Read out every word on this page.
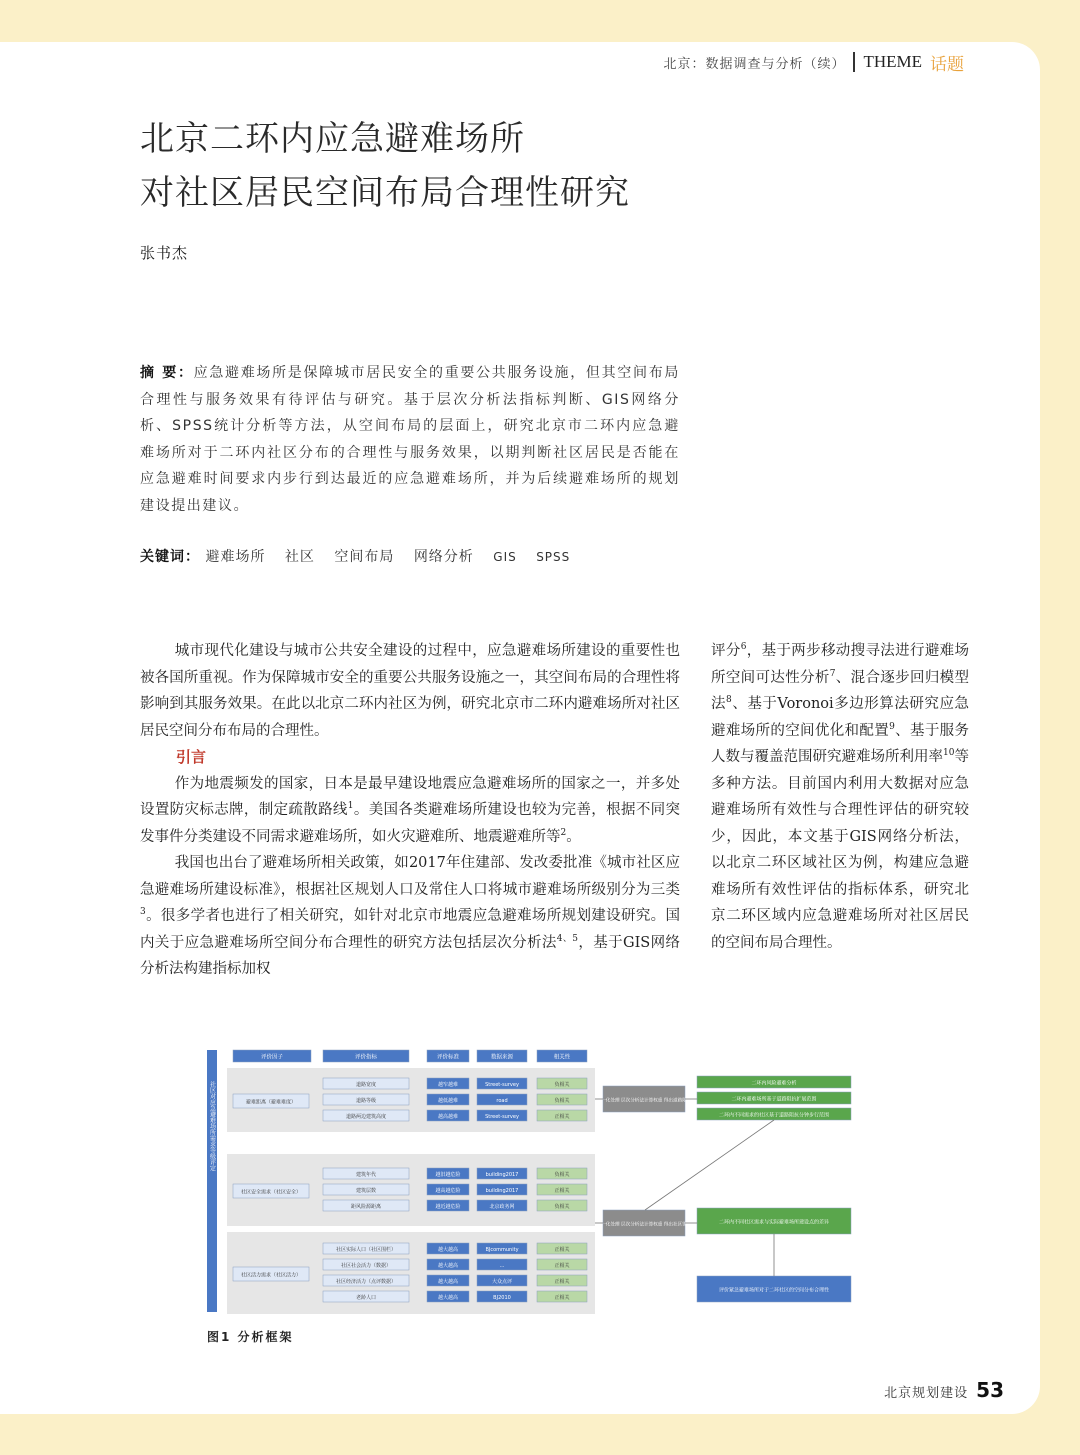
北京：数据调查与分析（续） THEME 话题
北京二环内应急避难场所
对社区居民空间布局合理性研究
张书杰
摘 要：应急避难场所是保障城市居民安全的重要公共服务设施，但其空间布局合理性与服务效果有待评估与研究。基于层次分析法指标判断、GIS网络分析、SPSS统计分析等方法，从空间布局的层面上，研究北京市二环内应急避难场所对于二环内社区分布的合理性与服务效果，以期判断社区居民是否能在应急避难时间要求内步行到达最近的应急避难场所，并为后续避难场所的规划建设提出建议。
关键词： 避难场所 社区 空间布局 网络分析 GIS SPSS

城市现代化建设与城市公共安全建设的过程中，应急避难场所建设的重要性也被各国所重视。作为保障城市安全的重要公共服务设施之一，其空间布局的合理性将影响到其服务效果。在此以北京二环内社区为例，研究北京市二环内避难场所对社区居民空间分布布局的合理性。

引言

作为地震频发的国家，日本是最早建设地震应急避难场所的国家之一，并多处设置防灾标志牌，制定疏散路线$^1$。美国各类避难场所建设也较为完善，根据不同突发事件分类建设不同需求避难场所，如火灾避难所、地震避难所等$^2$。

我国也出台了避难场所相关政策，如2017年住建部、发改委批准《城市社区应急避难场所建设标准》，根据社区规划人口及常住人口将城市避难场所级别分为三类$^3$。很多学者也进行了相关研究，如针对北京市地震应急避难场所规划建设研究。国内关于应急避难场所空间分布合理性的研究方法包括层次分析法$^{4、5}$，基于GIS网络分析法构建指标加权

评分$^6$，基于两步移动搜寻法进行避难场所空间可达性分析$^7$、混合逐步回归模型法$^8$、基于Voronoi多边形算法研究应急避难场所的空间优化和配置$^9$、基于服务人数与覆盖范围研究避难场所利用率$^{10}$等多种方法。目前国内利用大数据对应急避难场所有效性与合理性评估的研究较少，因此，本文基于GIS网络分析法，以北京二环区域社区为例，构建应急避难场所有效性评估的指标体系，研究北京二环区域内应急避难场所对社区居民的空间布局合理性。

社区对应急避难场所需求等级评定
评价因子	评价指标	评价标准	数据来源	相关性
避难距离（避难难度）
道路宽度	越窄越难	Street-survey	负相关
道路等级	越低越难	road	负相关
道路两边建筑高度	越高越难	Street-survey	正相关
社区安全需求（社区安全）
建筑年代	越旧越危险	building2017	负相关
建筑层数	越高越危险	building2017	正相关
距风险源距离	越近越危险	北京政务网	负相关
社区活力需求（社区活力）
社区实际人口（社区围栏）	越大越高	BJcommunity	正相关
社区社会活力（数据）	越大越高	…	正相关
社区经济活力（点评数据）	越大越高	大众点评	正相关
老龄人口	越大越高	BJ2010	正相关
归一化处理 层次分析法计算权重 得出道路阻抗
归一化处理 层次分析法计算权重 得出社区需求
二环内风险避难分析
二环内避难场所基于道路阻抗扩展范围
二环内不同需求的社区基于道路阻抗分钟步行范围
二环内不同社区需求与实际避难场所建设点的差异
评价紧急避难场所对于二环社区的空间分布合理性
图1 分析框架
北京规划建设 53
